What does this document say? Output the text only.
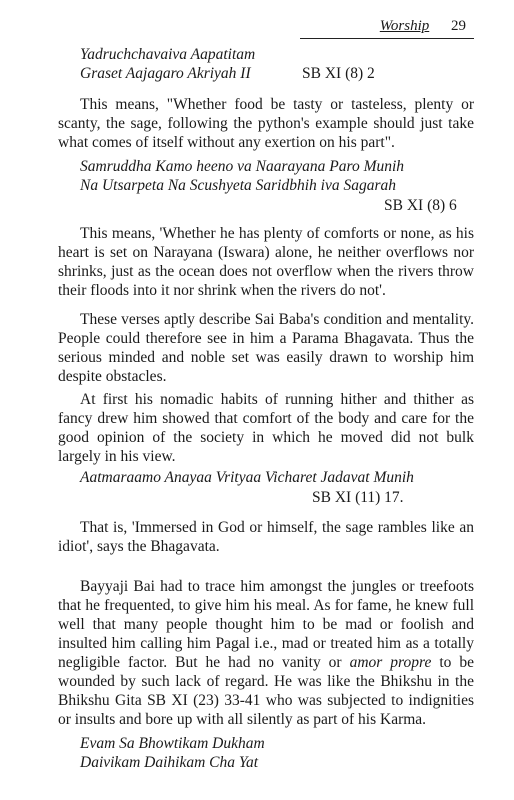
Worship 29
Yadruchchavaiva Aapatitam
Graset Aajagaro Akriyah II	SB XI (8) 2
This means, "Whether food be tasty or tasteless, plenty or scanty, the sage, following the python's example should just take what comes of itself without any exertion on his part".
Samruddha Kamo heeno va Naarayana Paro Munih
Na Utsarpeta Na Scushyeta Saridbhih iva Sagarah
SB XI (8) 6
This means, 'Whether he has plenty of comforts or none, as his heart is set on Narayana (Iswara) alone, he neither overflows nor shrinks, just as the ocean does not overflow when the rivers throw their floods into it nor shrink when the rivers do not'.
These verses aptly describe Sai Baba's condition and mentality. People could therefore see in him a Parama Bhagavata. Thus the serious minded and noble set was easily drawn to worship him despite obstacles.
At first his nomadic habits of running hither and thither as fancy drew him showed that comfort of the body and care for the good opinion of the society in which he moved did not bulk largely in his view.
Aatmaraamo Anayaa Vrityaa Vicharet Jadavat Munih
SB XI (11) 17.
That is, 'Immersed in God or himself, the sage rambles like an idiot', says the Bhagavata.
Bayyaji Bai had to trace him amongst the jungles or treefoots that he frequented, to give him his meal. As for fame, he knew full well that many people thought him to be mad or foolish and insulted him calling him Pagal i.e., mad or treated him as a totally negligible factor. But he had no vanity or amor propre to be wounded by such lack of regard. He was like the Bhikshu in the Bhikshu Gita SB XI (23) 33-41 who was subjected to indignities or insults and bore up with all silently as part of his Karma.
Evam Sa Bhowtikam Dukham
Daivikam Daihikam Cha Yat
